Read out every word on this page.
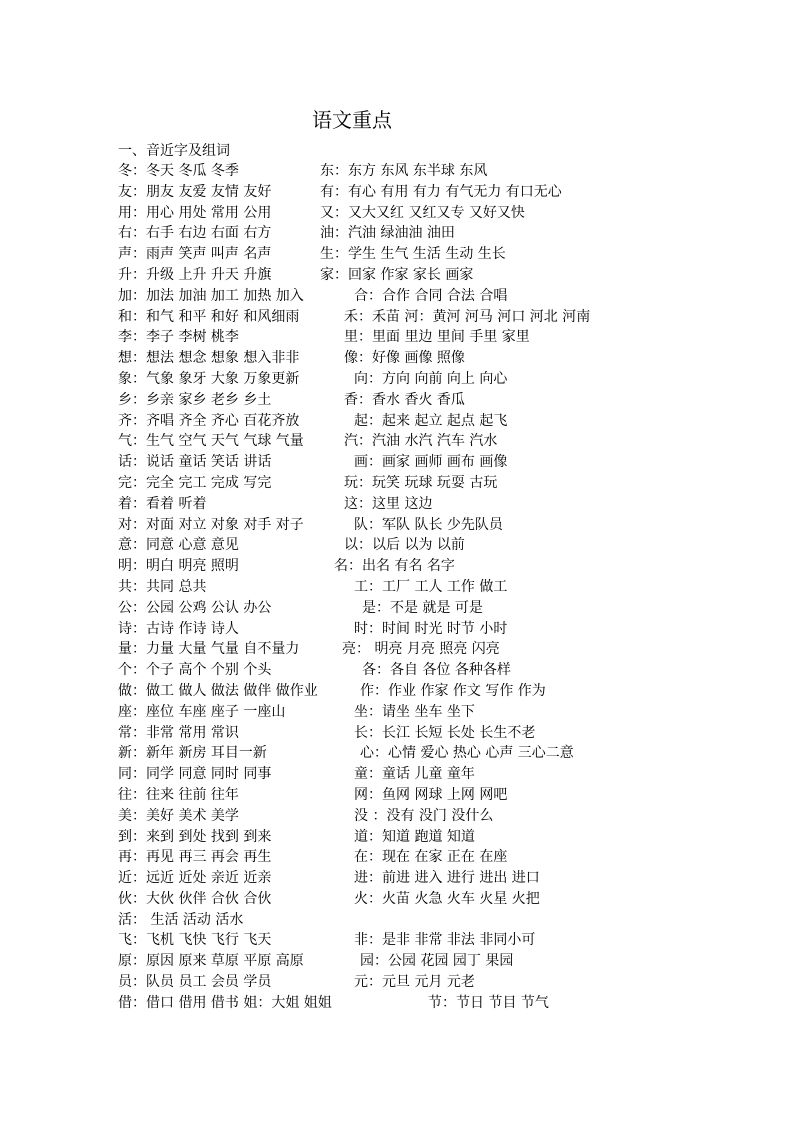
语文重点
一、音近字及组词
冬：冬天 冬瓜 冬季	东：东方 东风 东半球 东风
友：朋友 友爱 友情 友好	有：有心 有用 有力 有气无力 有口无心
用：用心 用处 常用 公用	又：又大又红 又红又专 又好又快
右：右手 右边 右面 右方	油：汽油 绿油油 油田
声：雨声 笑声 叫声 名声	生：学生 生气 生活 生动 生长
升：升级 上升 升天 升旗	家：回家 作家 家长 画家
加：加法 加油 加工 加热 加入	合：合作 合同 合法 合唱
和：和气 和平 和好 和风细雨	禾：禾苗 河：黄河 河马 河口 河北 河南
李：李子 李树 桃李	里：里面 里边 里间 手里 家里
想：想法 想念 想象 想入非非	像：好像 画像 照像
象：气象 象牙 大象 万象更新	向：方向 向前 向上 向心
乡：乡亲 家乡 老乡 乡土	香：香水 香火 香瓜
齐：齐唱 齐全 齐心 百花齐放	起：起来 起立 起点 起飞
气：生气 空气 天气 气球 气量	汽：汽油 水汽 汽车 汽水
话：说话 童话 笑话 讲话	画：画家 画师 画布 画像
完：完全 完工 完成 写完	玩：玩笑 玩球 玩耍 古玩
着：看着 听着	这：这里 这边
对：对面 对立 对象 对手 对子	队：军队 队长 少先队员
意：同意 心意 意见	以：以后 以为 以前
明：明白 明亮 照明	名：出名 有名 名字
共：共同 总共	工：工厂 工人 工作 做工
公：公园 公鸡 公认 办公	是：不是 就是 可是
诗：古诗 作诗 诗人	时：时间 时光 时节 小时
量：力量 大量 气量 自不量力	亮： 明亮 月亮 照亮 闪亮
个：个子 高个 个别 个头	各：各自 各位 各种各样
做：做工 做人 做法 做伴 做作业	作：作业 作家 作文 写作 作为
座：座位 车座 座子 一座山	坐：请坐 坐车 坐下
常：非常 常用 常识	长：长江 长短 长处 长生不老
新：新年 新房 耳目一新	心：心情 爱心 热心 心声 三心二意
同：同学 同意 同时 同事	童：童话 儿童 童年
往：往来 往前 往年	网：鱼网 网球 上网 网吧
美：美好 美术 美学	没 ：没有 没门 没什么
到：来到 到处 找到 到来	道：知道 跑道 知道
再：再见 再三 再会 再生	在：现在 在家 正在 在座
近：远近 近处 亲近 近亲	进：前进 进入 进行 进出 进口
伙：大伙 伙伴 合伙 合伙	火：火苗 火急 火车 火星 火把
活： 生活 活动 活水
飞：飞机 飞快 飞行 飞天	非：是非 非常 非法 非同小可
原：原因 原来 草原 平原 高原	园：公园 花园 园丁 果园
员：队员 员工 会员 学员	元：元旦 元月 元老
借：借口 借用 借书 姐：大姐 姐姐	节：节日 节目 节气
